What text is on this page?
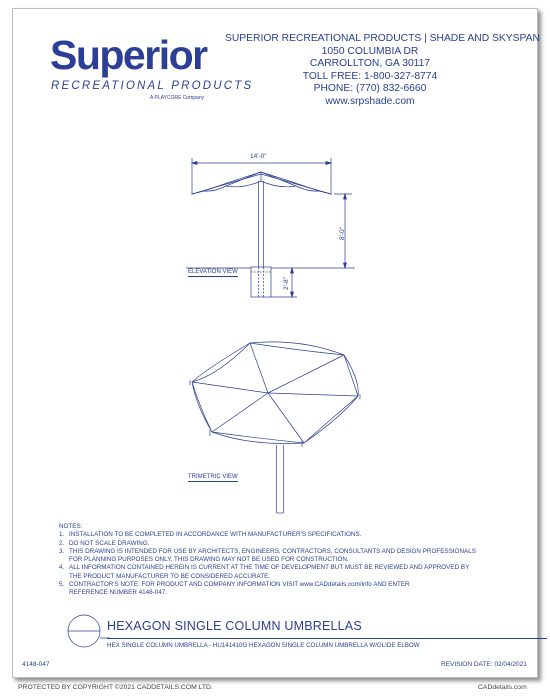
Superior
RECREATIONAL PRODUCTS
A PLAYCORE Company
SUPERIOR RECREATIONAL PRODUCTS | SHADE AND SKYSPAN
1050 COLUMBIA DR
CARROLLTON, GA 30117
TOLL FREE: 1-800-327-8774
PHONE: (770) 832-6660
www.srpshade.com
14'-0"
8'-0"
2'-8"
ELEVATION VIEW
TRIMETRIC VIEW
NOTES:
1. INSTALLATION TO BE COMPLETED IN ACCORDANCE WITH MANUFACTURER'S SPECIFICATIONS.
2. DO NOT SCALE DRAWING.
3. THIS DRAWING IS INTENDED FOR USE BY ARCHITECTS, ENGINEERS, CONTRACTORS, CONSULTANTS AND DESIGN PROFESSIONALS
FOR PLANNING PURPOSES ONLY. THIS DRAWING MAY NOT BE USED FOR CONSTRUCTION.
4. ALL INFORMATION CONTAINED HEREIN IS CURRENT AT THE TIME OF DEVELOPMENT BUT MUST BE REVIEWED AND APPROVED BY
THE PRODUCT MANUFACTURER TO BE CONSIDERED ACCURATE.
5. CONTRACTOR'S NOTE: FOR PRODUCT AND COMPANY INFORMATION VISIT www.CADdetails.com/info AND ENTER
REFERENCE NUMBER 4148-047.
HEXAGON SINGLE COLUMN UMBRELLAS
HEX SINGLE COLUMN UMBRELLA - HU141410G HEXAGON SINGLE COLUMN UMBRELLA W/GLIDE ELBOW
4148-047	REVISION DATE: 02/04/2021
PROTECTED BY COPYRIGHT ©2021 CADDETAILS.COM LTD.	CADdetails.com
